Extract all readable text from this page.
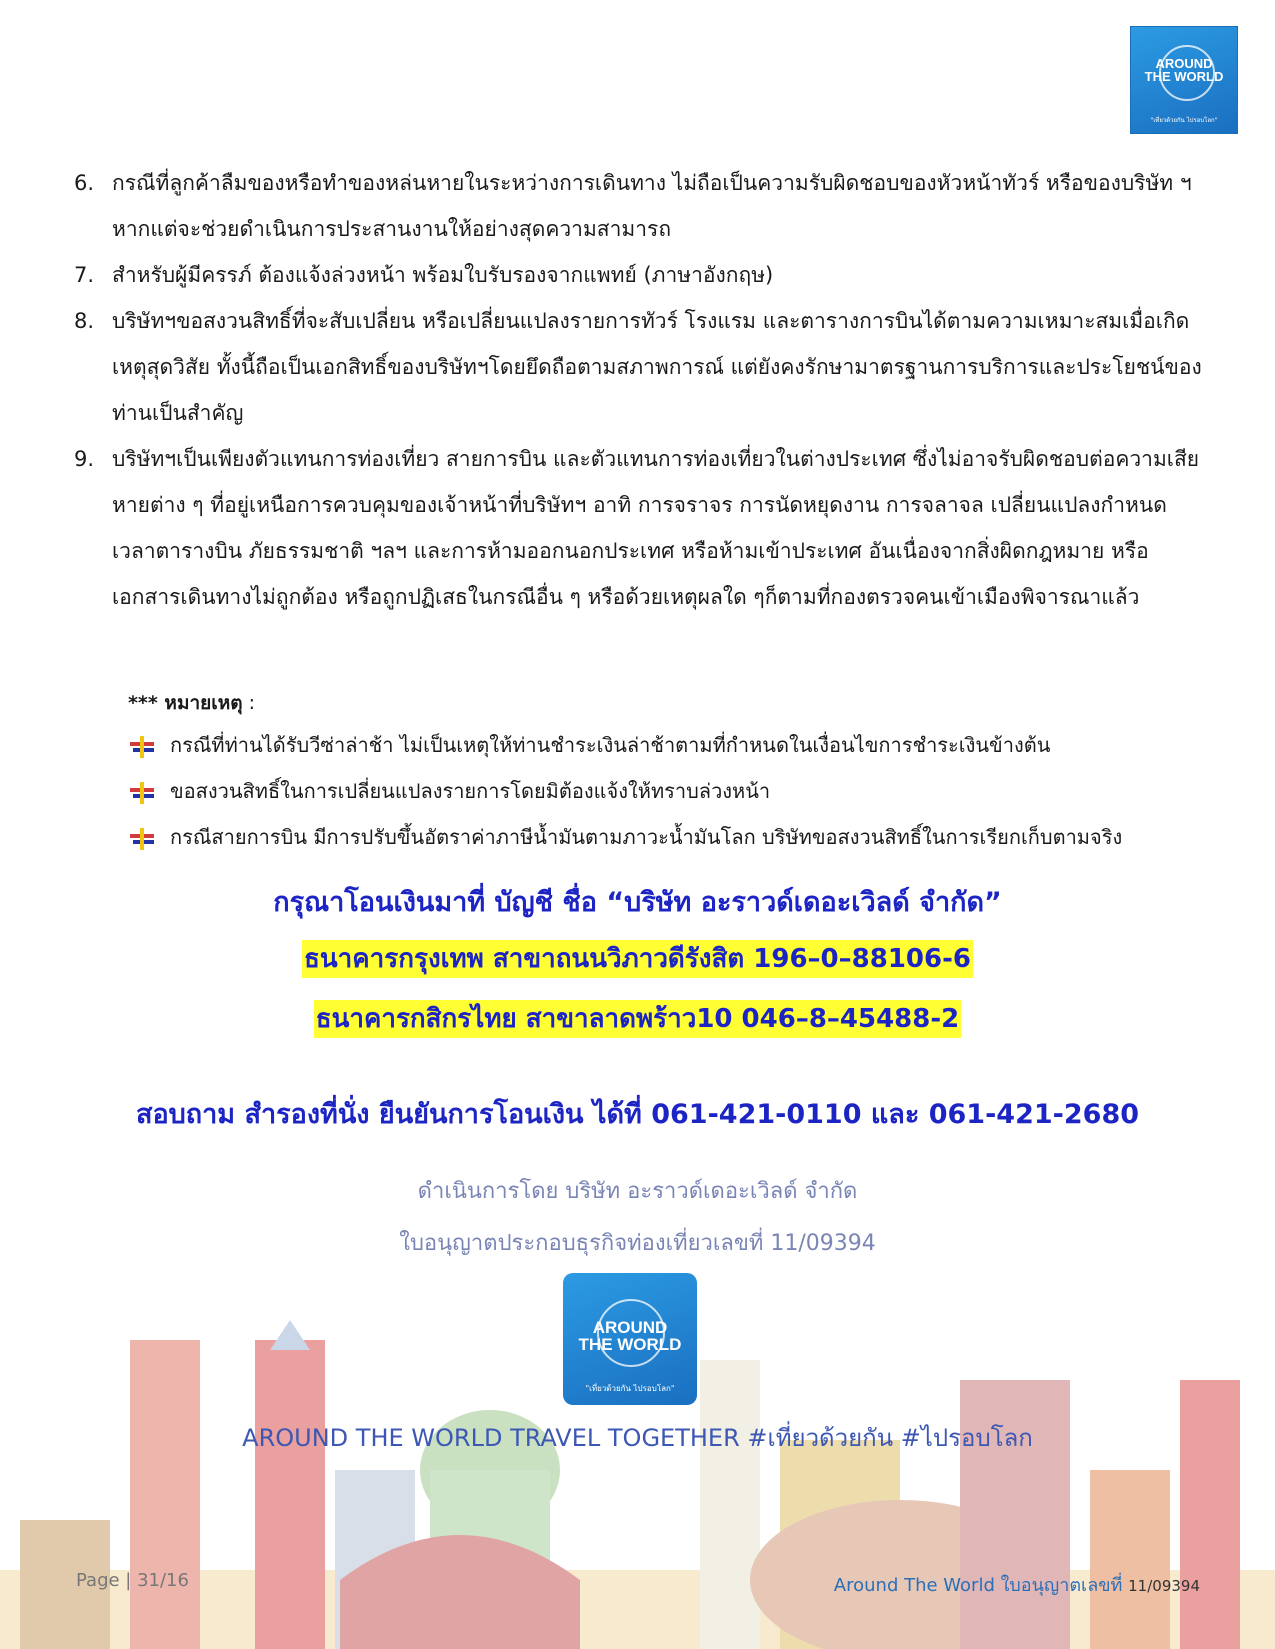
AROUND
THE WORLD
"เที่ยวด้วยกัน ไปรอบโลก"
6. กรณีที่ลูกค้าลืมของหรือทำของหล่นหายในระหว่างการเดินทาง ไม่ถือเป็นความรับผิดชอบของหัวหน้าทัวร์ หรือของบริษัท ฯ หากแต่จะช่วยดำเนินการประสานงานให้อย่างสุดความสามารถ
7. สำหรับผู้มีครรภ์ ต้องแจ้งล่วงหน้า พร้อมใบรับรองจากแพทย์ (ภาษาอังกฤษ)
8. บริษัทฯขอสงวนสิทธิ์ที่จะสับเปลี่ยน หรือเปลี่ยนแปลงรายการทัวร์ โรงแรม และตารางการบินได้ตามความเหมาะสมเมื่อเกิดเหตุสุดวิสัย ทั้งนี้ถือเป็นเอกสิทธิ์ของบริษัทฯโดยยึดถือตามสภาพการณ์ แต่ยังคงรักษามาตรฐานการบริการและประโยชน์ของท่านเป็นสำคัญ
9. บริษัทฯเป็นเพียงตัวแทนการท่องเที่ยว สายการบิน และตัวแทนการท่องเที่ยวในต่างประเทศ ซึ่งไม่อาจรับผิดชอบต่อความเสียหายต่าง ๆ ที่อยู่เหนือการควบคุมของเจ้าหน้าที่บริษัทฯ อาทิ การจราจร การนัดหยุดงาน การจลาจล เปลี่ยนแปลงกำหนดเวลาตารางบิน ภัยธรรมชาติ ฯลฯ และการห้ามออกนอกประเทศ หรือห้ามเข้าประเทศ อันเนื่องจากสิ่งผิดกฎหมาย หรือเอกสารเดินทางไม่ถูกต้อง หรือถูกปฏิเสธในกรณีอื่น ๆ หรือด้วยเหตุผลใด ๆก็ตามที่กองตรวจคนเข้าเมืองพิจารณาแล้ว
*** หมายเหตุ :
กรณีที่ท่านได้รับวีซ่าล่าช้า ไม่เป็นเหตุให้ท่านชำระเงินล่าช้าตามที่กำหนดในเงื่อนไขการชำระเงินข้างต้น
ขอสงวนสิทธิ์ในการเปลี่ยนแปลงรายการโดยมิต้องแจ้งให้ทราบล่วงหน้า
กรณีสายการบิน มีการปรับขึ้นอัตราค่าภาษีน้ำมันตามภาวะน้ำมันโลก บริษัทขอสงวนสิทธิ์ในการเรียกเก็บตามจริง
กรุณาโอนเงินมาที่ บัญชี ชื่อ “บริษัท อะราวด์เดอะเวิลด์ จำกัด”
ธนาคารกรุงเทพ สาขาถนนวิภาวดีรังสิต 196–0–88106-6
ธนาคารกสิกรไทย สาขาลาดพร้าว10 046–8–45488-2
สอบถาม สำรองที่นั่ง ยืนยันการโอนเงิน ได้ที่ 061-421-0110 และ 061-421-2680
ดำเนินการโดย บริษัท อะราวด์เดอะเวิลด์ จำกัด
ใบอนุญาตประกอบธุรกิจท่องเที่ยวเลขที่ 11/09394
AROUND
THE WORLD
"เที่ยวด้วยกัน ไปรอบโลก"
AROUND THE WORLD TRAVEL TOGETHER #เที่ยวด้วยกัน #ไปรอบโลก
Page | 31/16	Around The World ใบอนุญาตเลขที่ 11/09394
